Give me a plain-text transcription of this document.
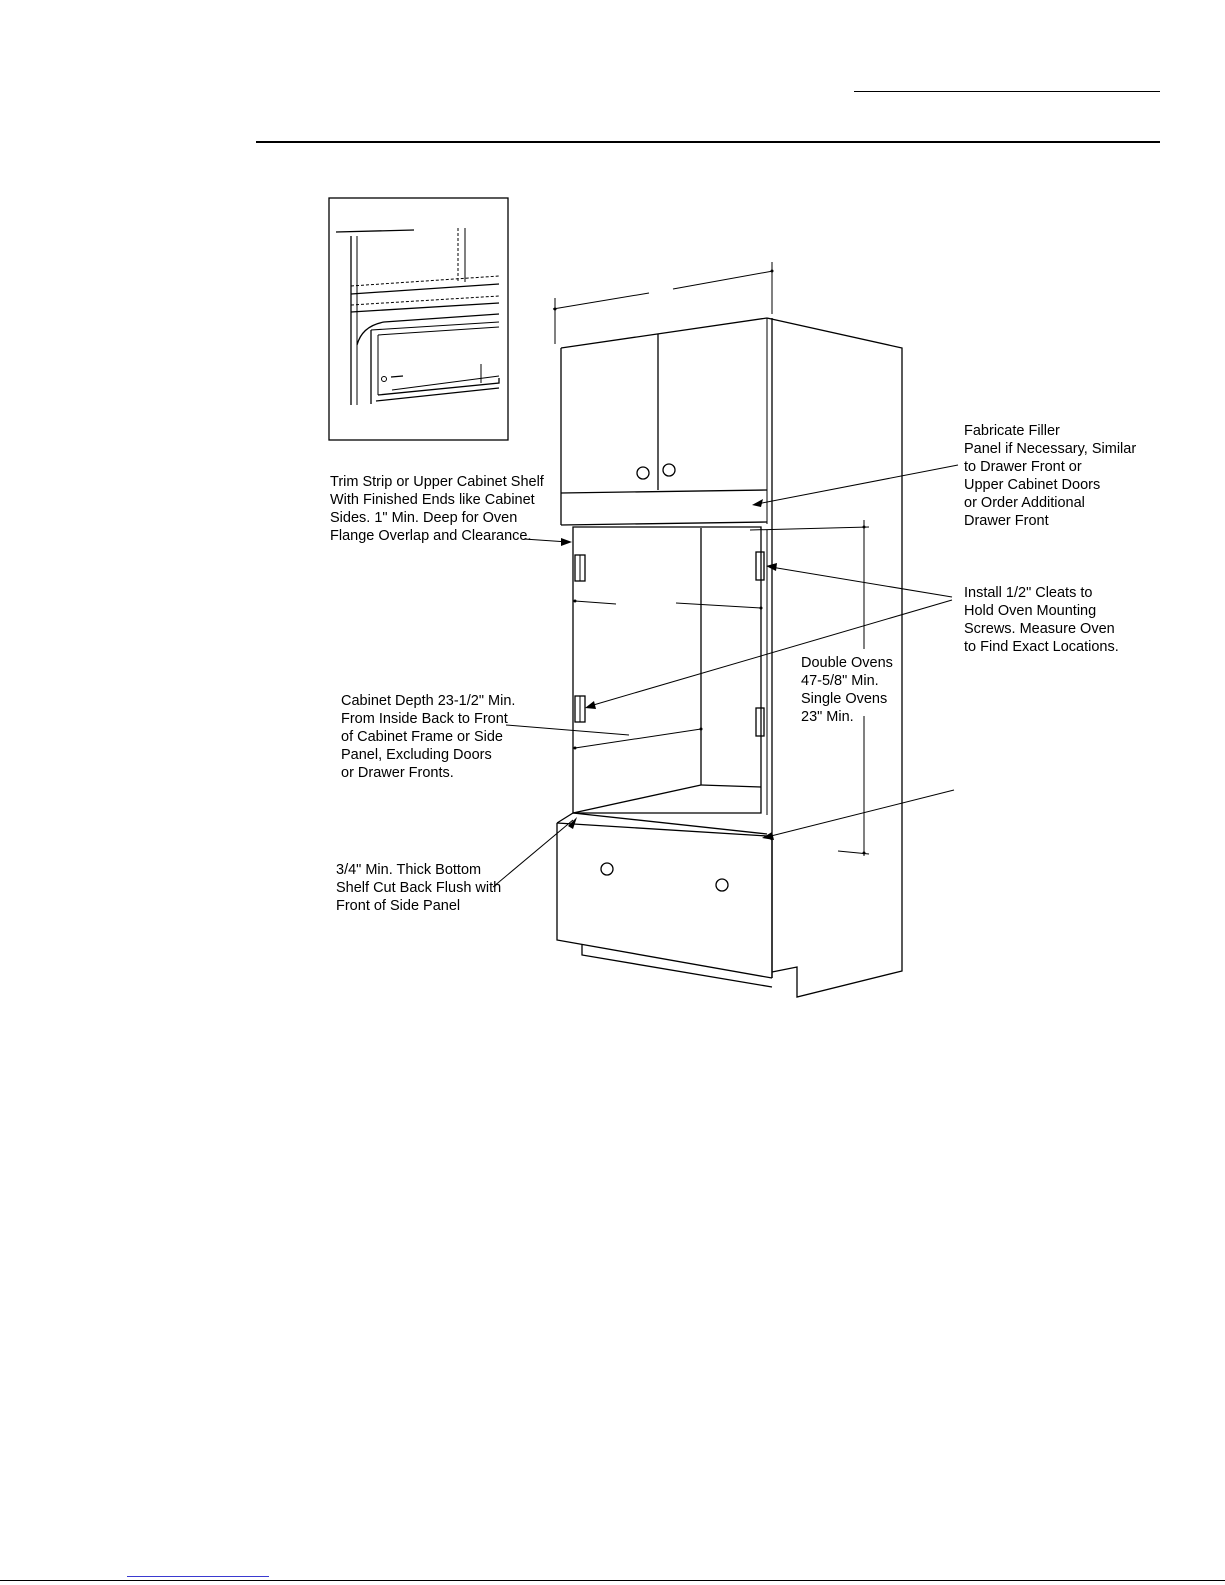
Fabricate Filler Panel if Necessary, Similar to Drawer Front or Upper Cabinet Doors or Order Additional Drawer Front
Trim Strip or Upper Cabinet Shelf With Finished Ends like Cabinet Sides. 1" Min. Deep for Oven Flange Overlap and Clearance.
Install 1/2" Cleats to Hold Oven Mounting Screws. Measure Oven to Find Exact Locations.
Double Ovens 47-5/8" Min. Single Ovens 23" Min.
Cabinet Depth 23-1/2" Min. From Inside Back to Front of Cabinet Frame or Side Panel, Excluding Doors or Drawer Fronts.
3/4" Min. Thick Bottom Shelf Cut Back Flush with Front of Side Panel
